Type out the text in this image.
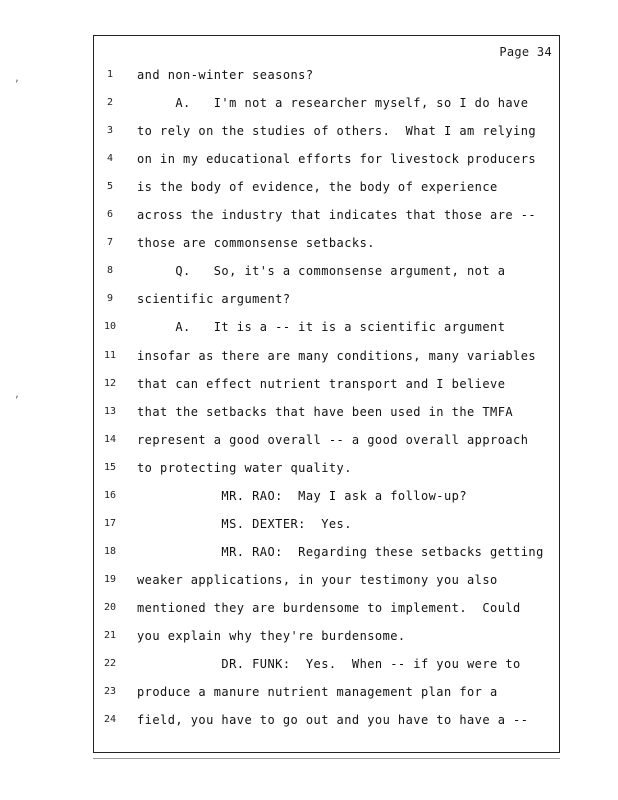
Page 34
,
,
1	and non-winter seasons?
2	A.   I'm not a researcher myself, so I do have
3	to rely on the studies of others.  What I am relying
4	on in my educational efforts for livestock producers
5	is the body of evidence, the body of experience
6	across the industry that indicates that those are --
7	those are commonsense setbacks.
8	Q.   So, it's a commonsense argument, not a
9	scientific argument?
10	A.   It is a -- it is a scientific argument
11	insofar as there are many conditions, many variables
12	that can effect nutrient transport and I believe
13	that the setbacks that have been used in the TMFA
14	represent a good overall -- a good overall approach
15	to protecting water quality.
16	MR. RAO:  May I ask a follow-up?
17	MS. DEXTER:  Yes.
18	MR. RAO:  Regarding these setbacks getting
19	weaker applications, in your testimony you also
20	mentioned they are burdensome to implement.  Could
21	you explain why they're burdensome.
22	DR. FUNK:  Yes.  When -- if you were to
23	produce a manure nutrient management plan for a
24	field, you have to go out and you have to have a --
